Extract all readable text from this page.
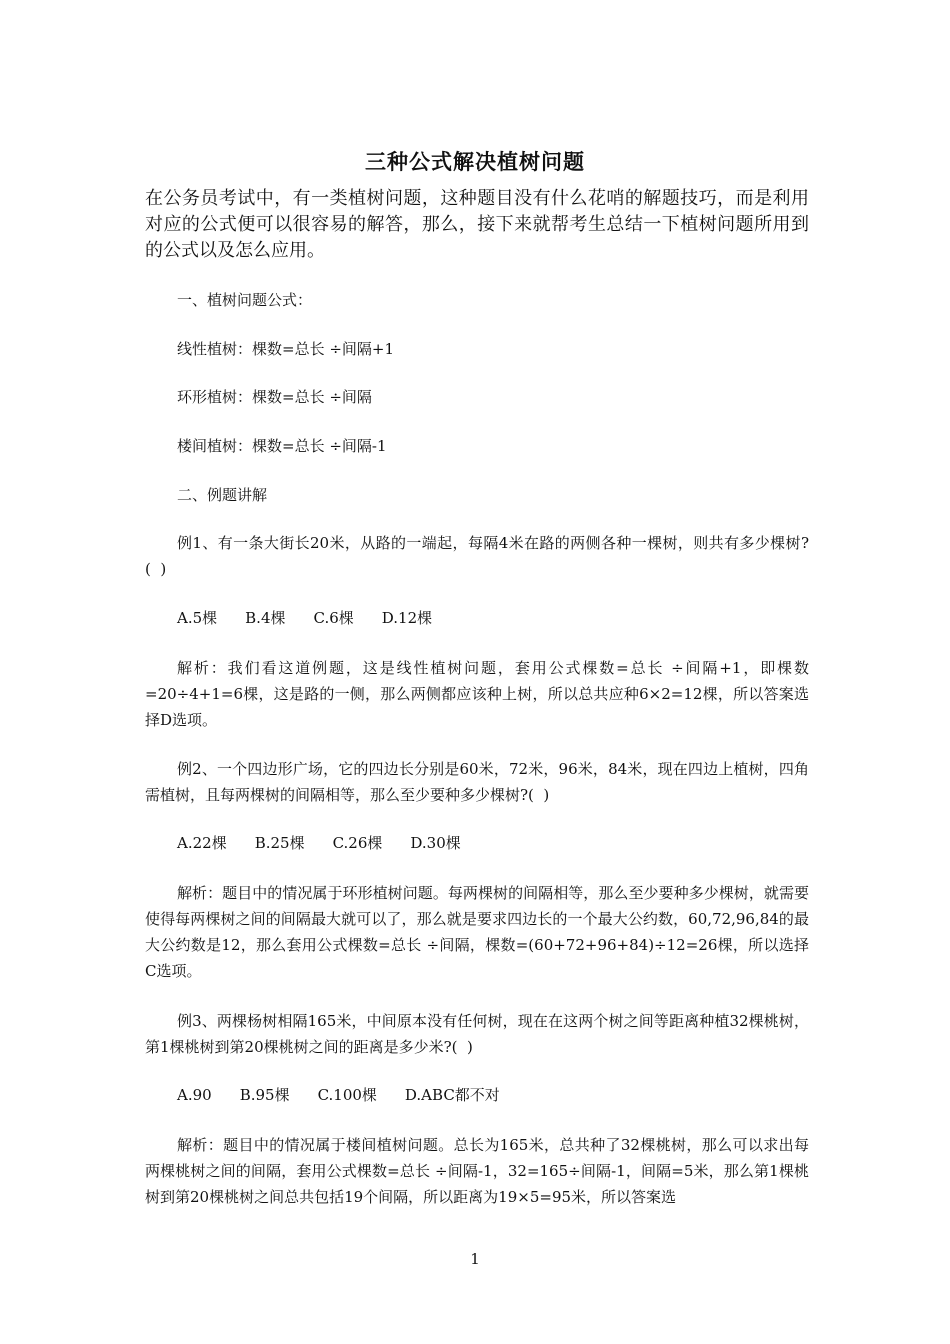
三种公式解决植树问题
在公务员考试中，有一类植树问题，这种题目没有什么花哨的解题技巧，而是利用对应的公式便可以很容易的解答，那么，接下来就帮考生总结一下植树问题所用到的公式以及怎么应用。
一、植树问题公式：
线性植树：棵数=总长 ÷间隔+1
环形植树：棵数=总长 ÷间隔
楼间植树：棵数=总长 ÷间隔-1
二、例题讲解
例1、有一条大街长20米，从路的一端起，每隔4米在路的两侧各种一棵树，则共有多少棵树?(  )
A.5棵 B.4棵 C.6棵 D.12棵
解析：我们看这道例题，这是线性植树问题，套用公式棵数=总长 ÷间隔+1，即棵数=20÷4+1=6棵，这是路的一侧，那么两侧都应该种上树，所以总共应种6×2=12棵，所以答案选择D选项。
例2、一个四边形广场，它的四边长分别是60米，72米，96米，84米，现在四边上植树，四角需植树，且每两棵树的间隔相等，那么至少要种多少棵树?(  )
A.22棵 B.25棵 C.26棵 D.30棵
解析：题目中的情况属于环形植树问题。每两棵树的间隔相等，那么至少要种多少棵树，就需要使得每两棵树之间的间隔最大就可以了，那么就是要求四边长的一个最大公约数，60,72,96,84的最大公约数是12，那么套用公式棵数=总长 ÷间隔，棵数=(60+72+96+84)÷12=26棵，所以选择C选项。
例3、两棵杨树相隔165米，中间原本没有任何树，现在在这两个树之间等距离种植32棵桃树，第1棵桃树到第20棵桃树之间的距离是多少米?(  )
A.90 B.95棵 C.100棵 D.ABC都不对
解析：题目中的情况属于楼间植树问题。总长为165米，总共种了32棵桃树，那么可以求出每两棵桃树之间的间隔，套用公式棵数=总长 ÷间隔-1，32=165÷间隔-1，间隔=5米，那么第1棵桃树到第20棵桃树之间总共包括19个间隔，所以距离为19×5=95米，所以答案选
1
